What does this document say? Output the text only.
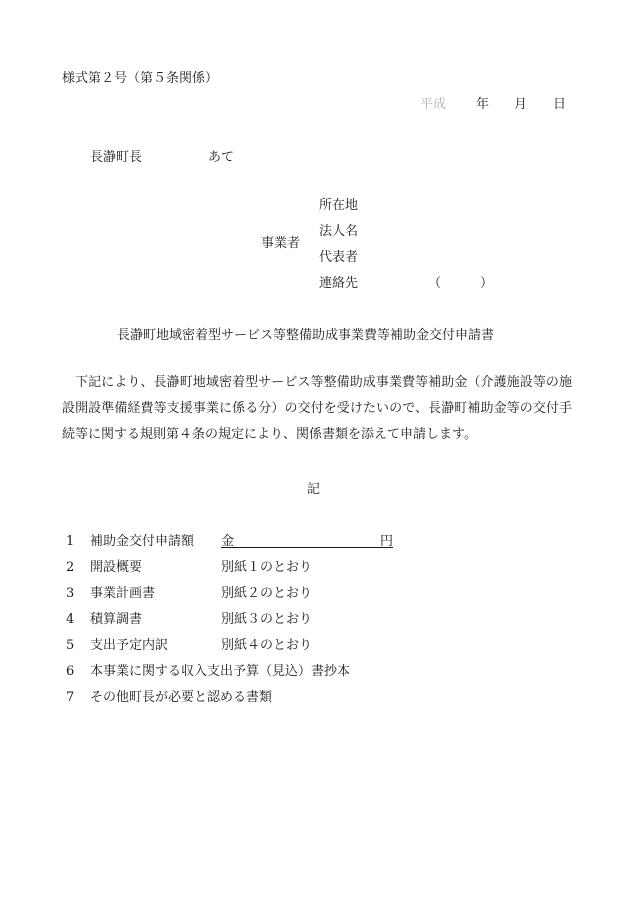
様式第２号（第５条関係）
平成 年 月 日
長瀞町長	あて
事業者
所在地
法人名
代表者
連絡先	（　　　）
長瀞町地域密着型サービス等整備助成事業費等補助金交付申請書
　下記により、長瀞町地域密着型サービス等整備助成事業費等補助金（介護施設等の施設開設準備経費等支援事業に係る分）の交付を受けたいので、長瀞町補助金等の交付手続等に関する規則第４条の規定により、関係書類を添えて申請します。
記
1 補助金交付申請額 金	円
2 開設概要	別紙１のとおり
3 事業計画書	別紙２のとおり
4 積算調書	別紙３のとおり
5 支出予定内訳	別紙４のとおり
6 本事業に関する収入支出予算（見込）書抄本
7 その他町長が必要と認める書類
